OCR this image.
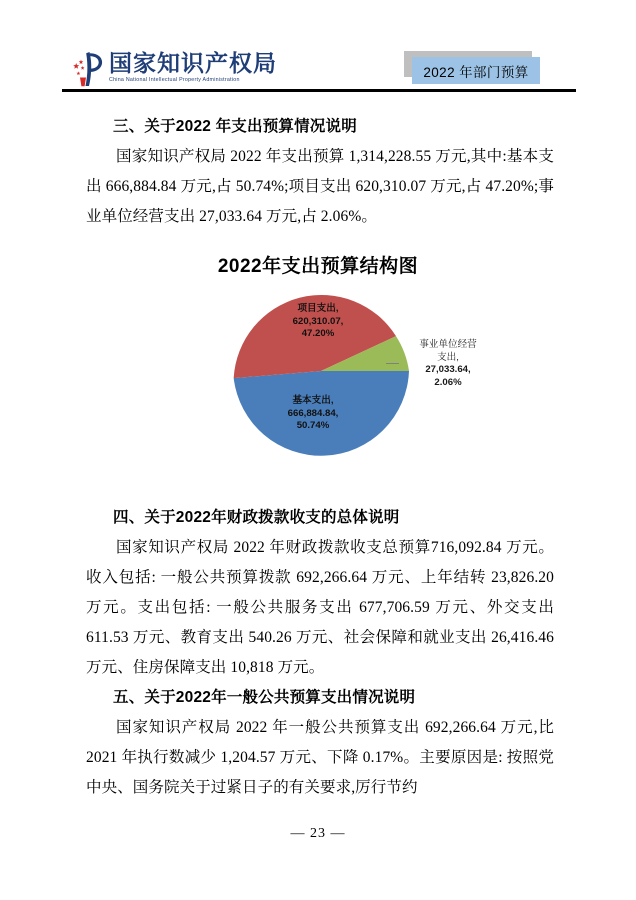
国家知识产权局
China National Intellectual Property Administration
2022 年部门预算
三、关于2022 年支出预算情况说明

国家知识产权局 2022 年支出预算 1,314,228.55 万元,其中:基本支出 666,884.84 万元,占 50.74%;项目支出 620,310.07 万元,占 47.20%;事业单位经营支出 27,033.64 万元,占 2.06%。

2022年支出预算结构图
项目支出,
620,310.07,
47.20%
基本支出,
666,884.84,
50.74%
事业单位经营
支出,
27,033.64,
2.06%
四、关于2022年财政拨款收支的总体说明

国家知识产权局 2022 年财政拨款收支总预算716,092.84 万元。收入包括: 一般公共预算拨款 692,266.64 万元、上年结转 23,826.20 万元。支出包括: 一般公共服务支出 677,706.59 万元、外交支出 611.53 万元、教育支出 540.26 万元、社会保障和就业支出 26,416.46 万元、住房保障支出 10,818 万元。

五、关于2022年一般公共预算支出情况说明

国家知识产权局 2022 年一般公共预算支出 692,266.64 万元,比 2021 年执行数减少 1,204.57 万元、下降 0.17%。主要原因是: 按照党中央、国务院关于过紧日子的有关要求,厉行节约

— 23 —
